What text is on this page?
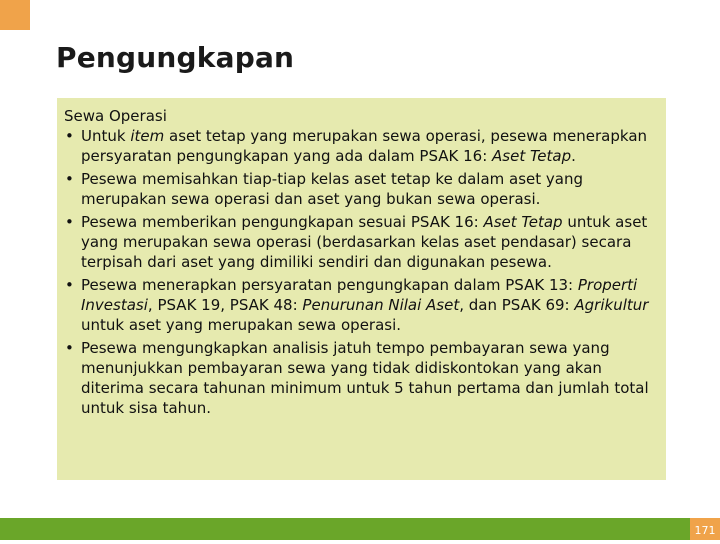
Pengungkapan

Sewa Operasi

• Untuk item aset tetap yang merupakan sewa operasi, pesewa menerapkan persyaratan pengungkapan yang ada dalam PSAK 16: Aset Tetap.
• Pesewa memisahkan tiap-tiap kelas aset tetap ke dalam aset yang merupakan sewa operasi dan aset yang bukan sewa operasi.
• Pesewa memberikan pengungkapan sesuai PSAK 16: Aset Tetap untuk aset yang merupakan sewa operasi (berdasarkan kelas aset pendasar) secara terpisah dari aset yang dimiliki sendiri dan digunakan pesewa.
• Pesewa menerapkan persyaratan pengungkapan dalam PSAK 13: Properti Investasi, PSAK 19, PSAK 48: Penurunan Nilai Aset, dan PSAK 69: Agrikultur untuk aset yang merupakan sewa operasi.
• Pesewa mengungkapkan analisis jatuh tempo pembayaran sewa yang menunjukkan pembayaran sewa yang tidak didiskontokan yang akan diterima secara tahunan minimum untuk 5 tahun pertama dan jumlah total untuk sisa tahun.
171
